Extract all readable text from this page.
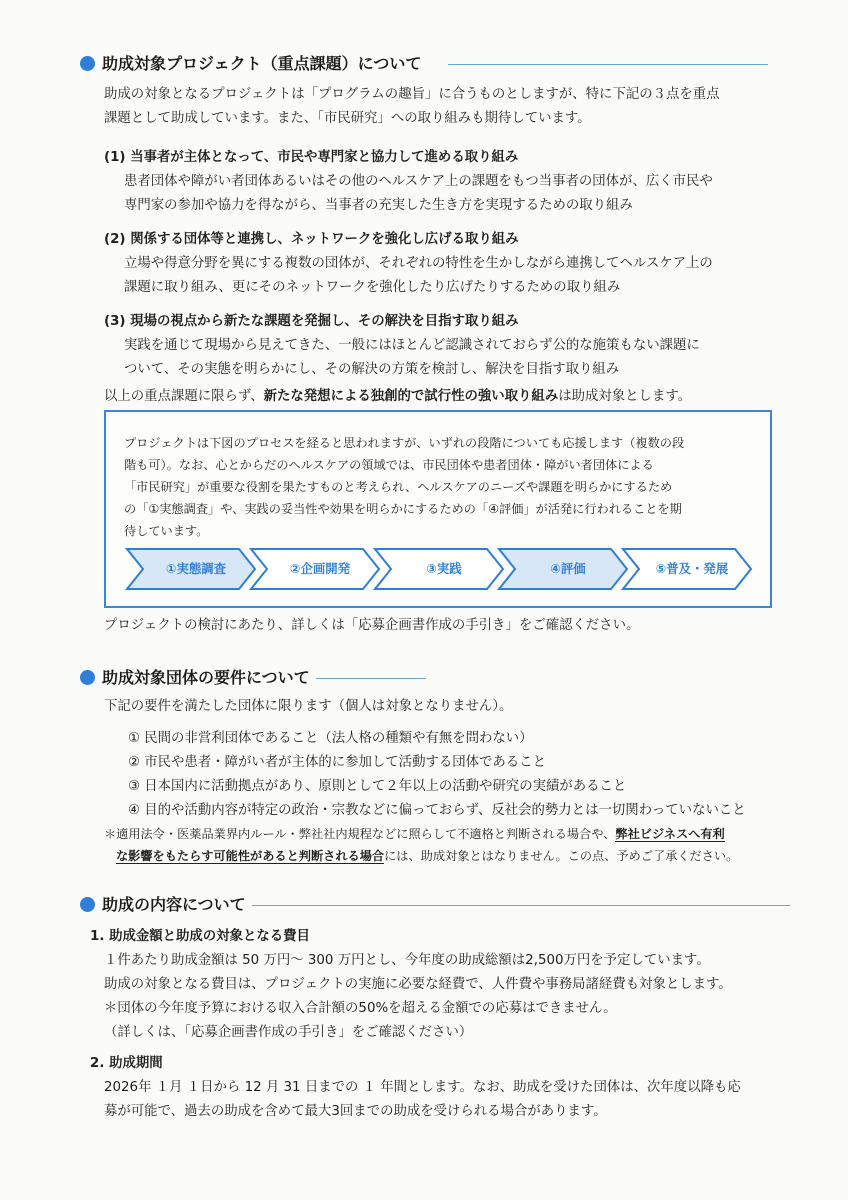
助成対象プロジェクト（重点課題）について
助成の対象となるプロジェクトは「プログラムの趣旨」に合うものとしますが、特に下記の３点を重点
課題として助成しています。また、「市民研究」への取り組みも期待しています。
(1) 当事者が主体となって、市民や専門家と協力して進める取り組み
患者団体や障がい者団体あるいはその他のヘルスケア上の課題をもつ当事者の団体が、広く市民や
専門家の参加や協力を得ながら、当事者の充実した生き方を実現するための取り組み
(2) 関係する団体等と連携し、ネットワークを強化し広げる取り組み
立場や得意分野を異にする複数の団体が、それぞれの特性を生かしながら連携してヘルスケア上の
課題に取り組み、更にそのネットワークを強化したり広げたりするための取り組み
(3) 現場の視点から新たな課題を発掘し、その解決を目指す取り組み
実践を通じて現場から見えてきた、一般にはほとんど認識されておらず公的な施策もない課題に
ついて、その実態を明らかにし、その解決の方策を検討し、解決を目指す取り組み
以上の重点課題に限らず、新たな発想による独創的で試行性の強い取り組みは助成対象とします。
プロジェクトは下図のプロセスを経ると思われますが、いずれの段階についても応援します（複数の段
階も可）。なお、心とからだのヘルスケアの領域では、市民団体や患者団体・障がい者団体による
「市民研究」が重要な役割を果たすものと考えられ、ヘルスケアのニーズや課題を明らかにするため
の「①実態調査」や、実践の妥当性や効果を明らかにするための「④評価」が活発に行われることを期
待しています。
①実態調査	②企画開発	③実践	④評価	⑤普及・発展
プロジェクトの検討にあたり、詳しくは「応募企画書作成の手引き」をご確認ください。
助成対象団体の要件について
下記の要件を満たした団体に限ります（個人は対象となりません）。
① 民間の非営利団体であること（法人格の種類や有無を問わない）
② 市民や患者・障がい者が主体的に参加して活動する団体であること
③ 日本国内に活動拠点があり、原則として２年以上の活動や研究の実績があること
④ 目的や活動内容が特定の政治・宗教などに偏っておらず、反社会的勢力とは一切関わっていないこと
＊適用法令・医薬品業界内ルール・弊社社内規程などに照らして不適格と判断される場合や、弊社ビジネスへ有利
な影響をもたらす可能性があると判断される場合には、助成対象とはなりません。この点、予めご了承ください。
助成の内容について
1. 助成金額と助成の対象となる費目
１件あたり助成金額は 50 万円～ 300 万円とし、今年度の助成総額は2,500万円を予定しています。
助成の対象となる費目は、プロジェクトの実施に必要な経費で、人件費や事務局諸経費も対象とします。
＊団体の今年度予算における収入合計額の50%を超える金額での応募はできません。
（詳しくは、「応募企画書作成の手引き」をご確認ください）
2. 助成期間
2026年 １月 １日から 12 月 31 日までの １ 年間とします。なお、助成を受けた団体は、次年度以降も応
募が可能で、過去の助成を含めて最大3回までの助成を受けられる場合があります。
